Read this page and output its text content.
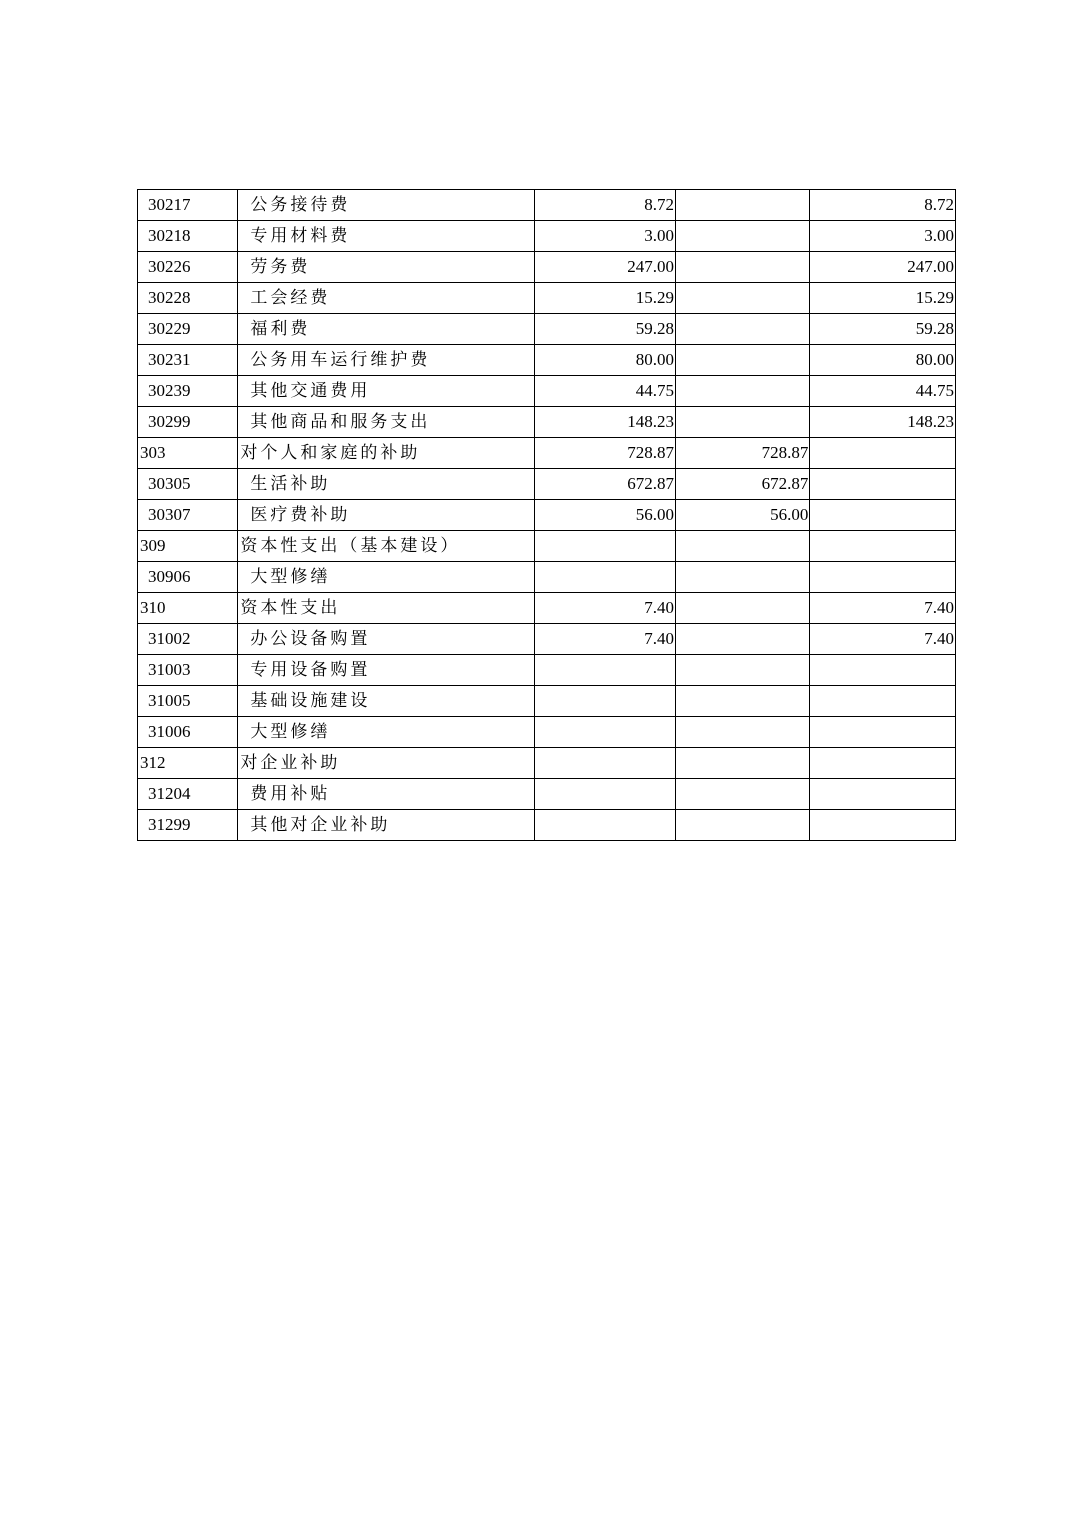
30217	公务接待费	8.72		8.72
30218	专用材料费	3.00		3.00
30226	劳务费	247.00		247.00
30228	工会经费	15.29		15.29
30229	福利费	59.28		59.28
30231	公务用车运行维护费	80.00		80.00
30239	其他交通费用	44.75		44.75
30299	其他商品和服务支出	148.23		148.23
303	对个人和家庭的补助	728.87	728.87	
30305	生活补助	672.87	672.87	
30307	医疗费补助	56.00	56.00	
309	资本性支出（基本建设）			
30906	大型修缮			
310	资本性支出	7.40		7.40
31002	办公设备购置	7.40		7.40
31003	专用设备购置			
31005	基础设施建设			
31006	大型修缮			
312	对企业补助			
31204	费用补贴			
31299	其他对企业补助			
